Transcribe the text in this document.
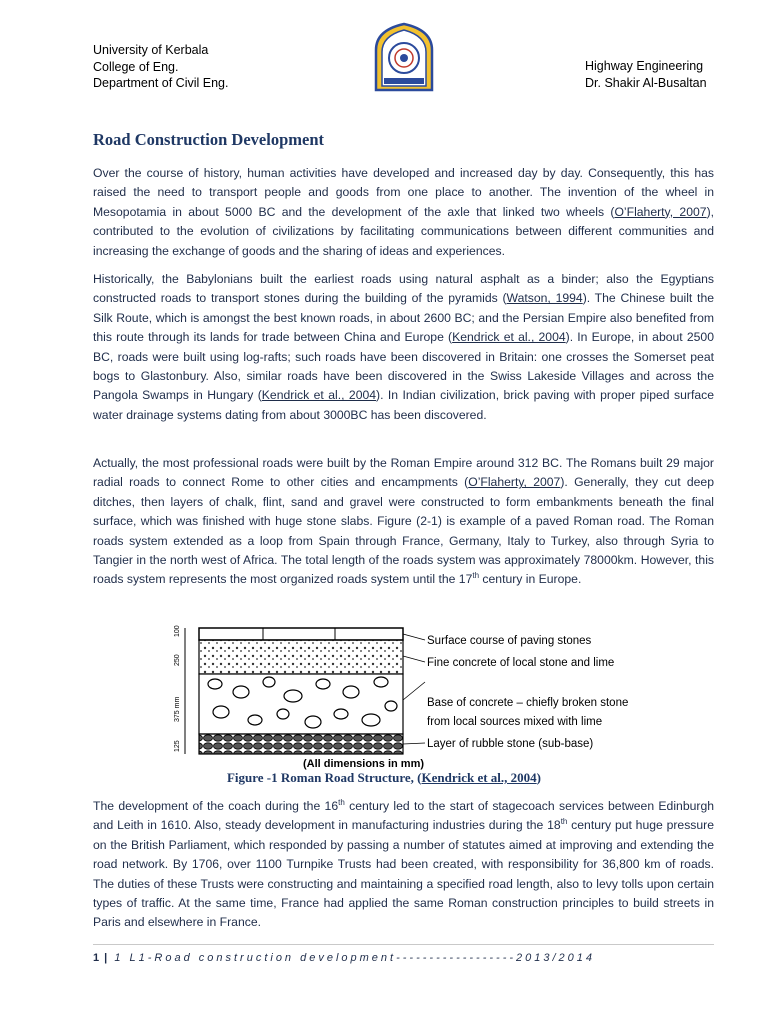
University of Kerbala
College of Eng.
Department of Civil Eng.
Highway Engineering
Dr. Shakir Al-Busaltan
Road Construction Development
Over the course of history, human activities have developed and increased day by day. Consequently, this has raised the need to transport people and goods from one place to another. The invention of the wheel in Mesopotamia in about 5000 BC and the development of the axle that linked two wheels (O’Flaherty, 2007), contributed to the evolution of civilizations by facilitating communications between different communities and increasing the exchange of goods and the sharing of ideas and experiences.
Historically, the Babylonians built the earliest roads using natural asphalt as a binder; also the Egyptians constructed roads to transport stones during the building of the pyramids (Watson, 1994). The Chinese built the Silk Route, which is amongst the best known roads, in about 2600 BC; and the Persian Empire also benefited from this route through its lands for trade between China and Europe (Kendrick et al., 2004). In Europe, in about 2500 BC, roads were built using log-rafts; such roads have been discovered in Britain: one crosses the Somerset peat bogs to Glastonbury. Also, similar roads have been discovered in the Swiss Lakeside Villages and across the Pangola Swamps in Hungary (Kendrick et al., 2004). In Indian civilization, brick paving with proper piped surface water drainage systems dating from about 3000BC has been discovered.
Actually, the most professional roads were built by the Roman Empire around 312 BC. The Romans built 29 major radial roads to connect Rome to other cities and encampments (O’Flaherty, 2007). Generally, they cut deep ditches, then layers of chalk, flint, sand and gravel were constructed to form embankments beneath the final surface, which was finished with huge stone slabs. Figure (2-1) is example of a paved Roman road. The Roman roads system extended as a loop from Spain through France, Germany, Italy to Turkey, also through Syria to Tangier in the north west of Africa. The total length of the roads system was approximately 78000km. However, this roads system represents the most organized roads system until the 17th century in Europe.
100
250
375 mm
125
Surface course of paving stones
Fine concrete of local stone and lime
Base of concrete – chiefly broken stone
from local sources mixed with lime
Layer of rubble stone (sub-base)
(All dimensions in mm)
Figure -1 Roman Road Structure, (Kendrick et al., 2004)
The development of the coach during the 16th century led to the start of stagecoach services between Edinburgh and Leith in 1610. Also, steady development in manufacturing industries during the 18th century put huge pressure on the British Parliament, which responded by passing a number of statutes aimed at improving and extending the road network. By 1706, over 1100 Turnpike Trusts had been created, with responsibility for 36,800 km of roads. The duties of these Trusts were constructing and maintaining a specified road length, also to levy tolls upon certain types of traffic. At the same time, France had applied the same Roman construction principles to build streets in Paris and elsewhere in France.
1 | 1 L1-Road construction development------------------2013/2014
